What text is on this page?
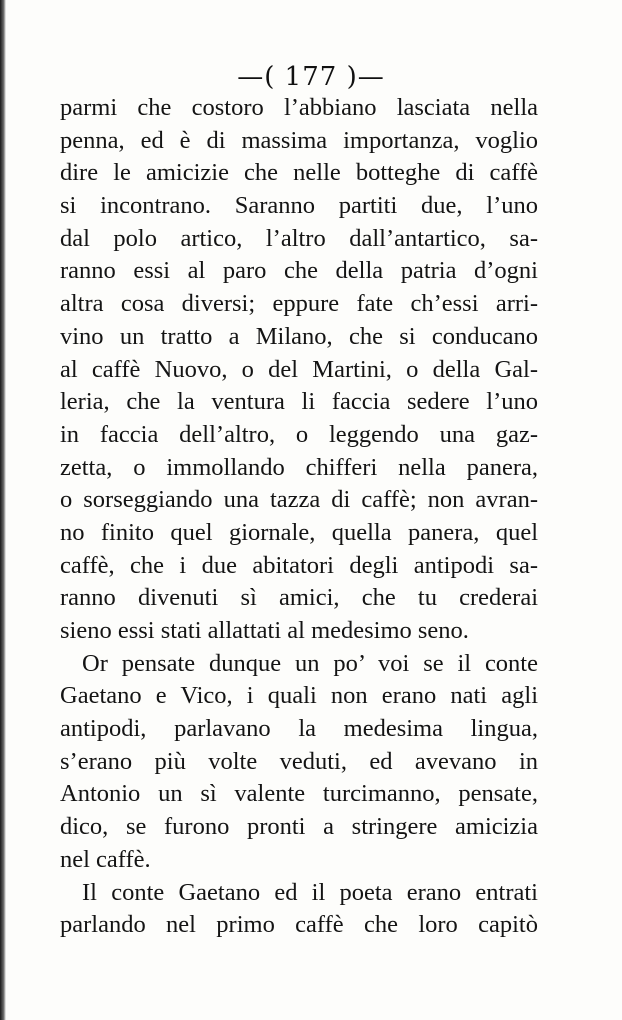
—( 177 )—
parmi che costoro l’abbiano lasciata nella
penna, ed è di massima importanza, voglio
dire le amicizie che nelle botteghe di caffè
si incontrano. Saranno partiti due, l’uno
dal polo artico, l’altro dall’antartico, sa-
ranno essi al paro che della patria d’ogni
altra cosa diversi; eppure fate ch’essi arri-
vino un tratto a Milano, che si conducano
al caffè Nuovo, o del Martini, o della Gal-
leria, che la ventura li faccia sedere l’uno
in faccia dell’altro, o leggendo una gaz-
zetta, o immollando chifferi nella panera,
o sorseggiando una tazza di caffè; non avran-
no finito quel giornale, quella panera, quel
caffè, che i due abitatori degli antipodi sa-
ranno divenuti sì amici, che tu crederai
sieno essi stati allattati al medesimo seno.
Or pensate dunque un po’ voi se il conte
Gaetano e Vico, i quali non erano nati agli
antipodi, parlavano la medesima lingua,
s’erano più volte veduti, ed avevano in
Antonio un sì valente turcimanno, pensate,
dico, se furono pronti a stringere amicizia
nel caffè.
Il conte Gaetano ed il poeta erano entrati
parlando nel primo caffè che loro capitò
